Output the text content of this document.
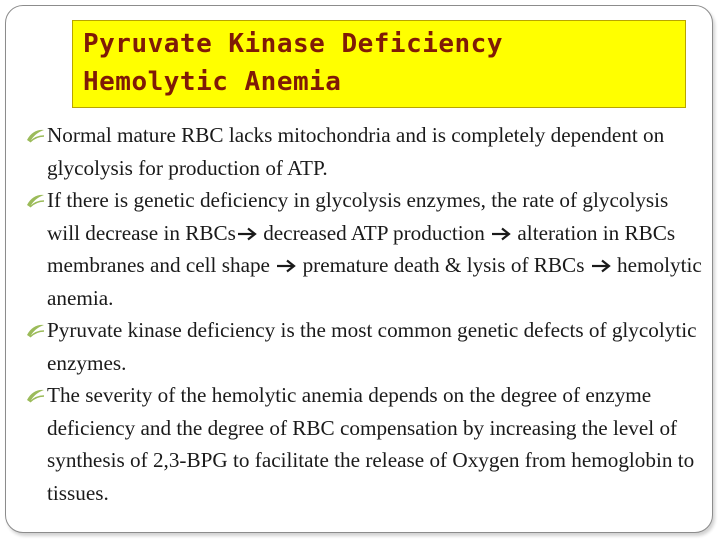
Pyruvate Kinase Deficiency
Hemolytic Anemia
Normal mature RBC lacks mitochondria and is completely dependent on glycolysis for production of ATP.
If there is genetic deficiency in glycolysis enzymes, the rate of glycolysis will decrease in RBCs decreased ATP production  alteration in RBCs membranes and cell shape  premature death & lysis of RBCs  hemolytic anemia.
Pyruvate kinase deficiency is the most common genetic defects of glycolytic enzymes.
The severity of the hemolytic anemia depends on the degree of enzyme deficiency and the degree of RBC compensation by increasing the level of synthesis of 2,3-BPG to facilitate the release of Oxygen from hemoglobin to tissues.
